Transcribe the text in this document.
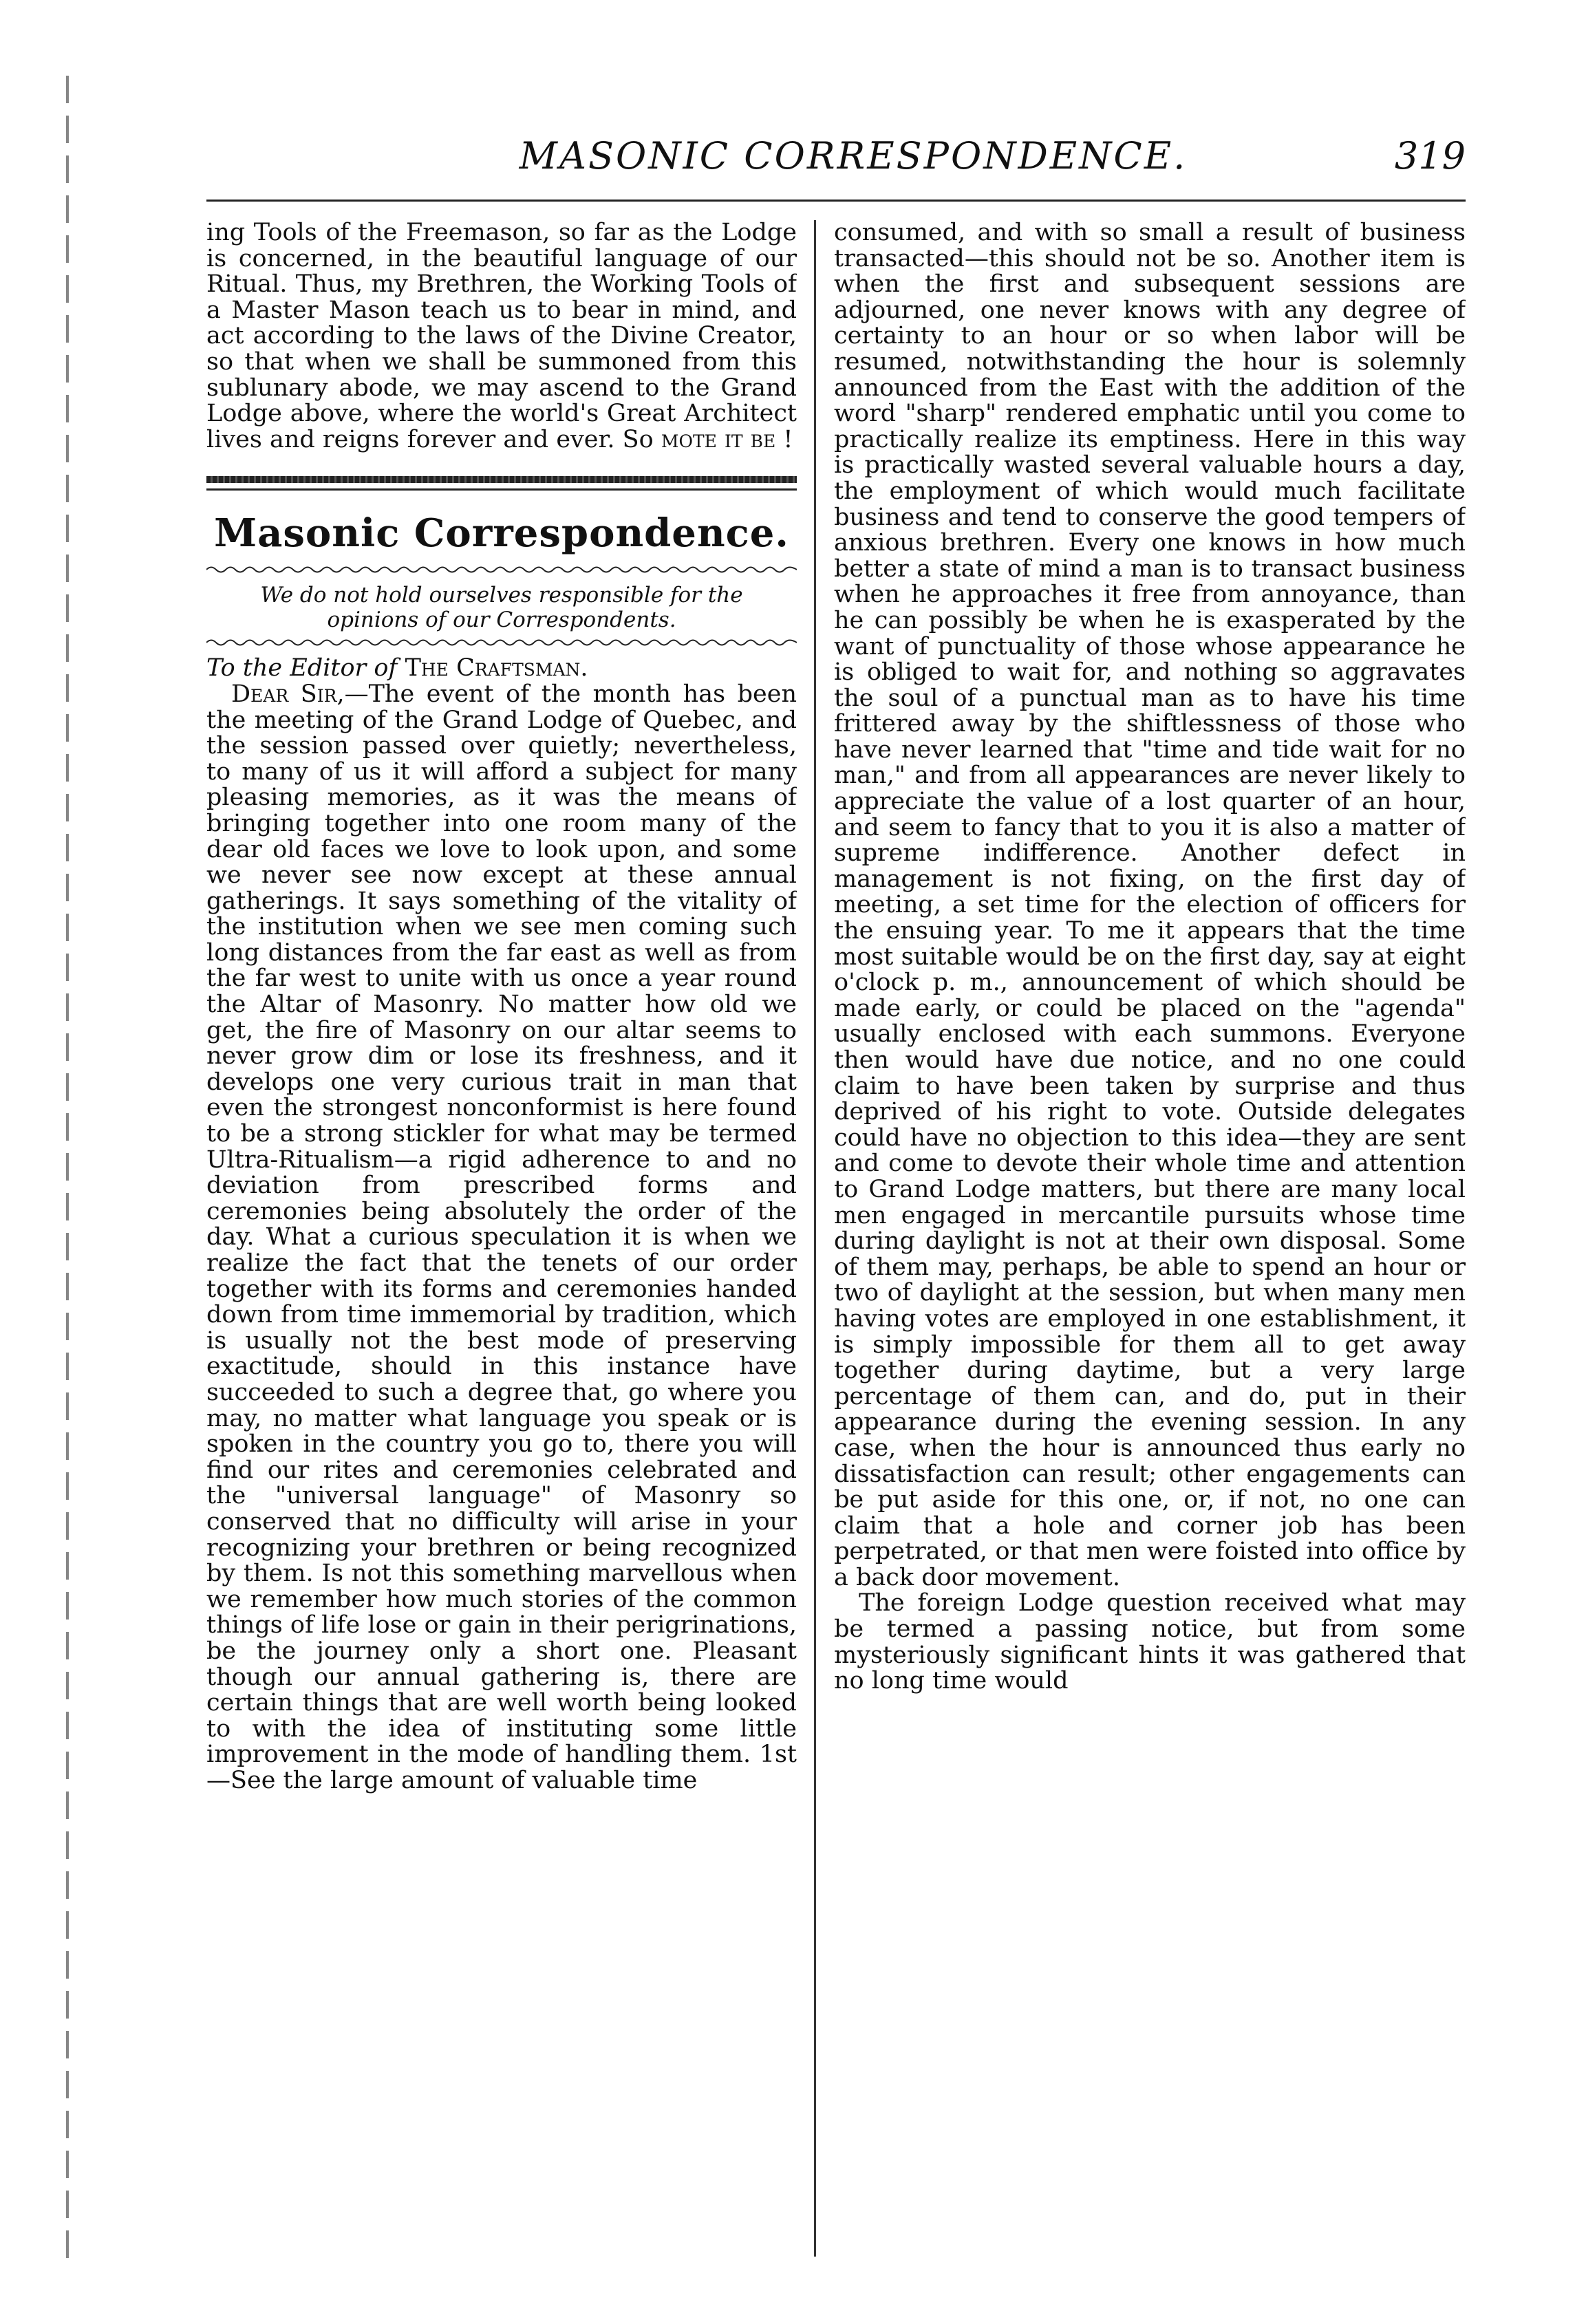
MASONIC CORRESPONDENCE.	319

ing Tools of the Freemason, so far as the Lodge is concerned, in the beautiful language of our Ritual. Thus, my Brethren, the Working Tools of a Master Mason teach us to bear in mind, and act according to the laws of the Divine Creator, so that when we shall be summoned from this sublunary abode, we may ascend to the Grand Lodge above, where the world's Great Architect lives and reigns forever and ever. So mote it be !

Masonic Correspondence.
We do not hold ourselves responsible for the opinions of our Correspondents.

To the Editor of The Craftsman.

Dear Sir,—The event of the month has been the meeting of the Grand Lodge of Quebec, and the session passed over quietly; nevertheless, to many of us it will afford a subject for many pleasing memories, as it was the means of bringing together into one room many of the dear old faces we love to look upon, and some we never see now except at these annual gatherings. It says something of the vitality of the institution when we see men coming such long distances from the far east as well as from the far west to unite with us once a year round the Altar of Masonry. No matter how old we get, the fire of Masonry on our altar seems to never grow dim or lose its freshness, and it develops one very curious trait in man that even the strongest nonconformist is here found to be a strong stickler for what may be termed Ultra-Ritualism—a rigid adherence to and no deviation from prescribed forms and ceremonies being absolutely the order of the day. What a curious speculation it is when we realize the fact that the tenets of our order together with its forms and ceremonies handed down from time immemorial by tradition, which is usually not the best mode of preserving exactitude, should in this instance have succeeded to such a degree that, go where you may, no matter what language you speak or is spoken in the country you go to, there you will find our rites and ceremonies celebrated and the "universal language" of Masonry so conserved that no difficulty will arise in your recognizing your brethren or being recognized by them. Is not this something marvellous when we remember how much stories of the common things of life lose or gain in their perigrinations, be the journey only a short one. Pleasant though our annual gathering is, there are certain things that are well worth being looked to with the idea of instituting some little improvement in the mode of handling them. 1st—See the large amount of valuable time

consumed, and with so small a result of business transacted—this should not be so. Another item is when the first and subsequent sessions are adjourned, one never knows with any degree of certainty to an hour or so when labor will be resumed, notwithstanding the hour is solemnly announced from the East with the addition of the word "sharp" rendered emphatic until you come to practically realize its emptiness. Here in this way is practically wasted several valuable hours a day, the employment of which would much facilitate business and tend to conserve the good tempers of anxious brethren. Every one knows in how much better a state of mind a man is to transact business when he approaches it free from annoyance, than he can possibly be when he is exasperated by the want of punctuality of those whose appearance he is obliged to wait for, and nothing so aggravates the soul of a punctual man as to have his time frittered away by the shiftlessness of those who have never learned that "time and tide wait for no man," and from all appearances are never likely to appreciate the value of a lost quarter of an hour, and seem to fancy that to you it is also a matter of supreme indifference. Another defect in management is not fixing, on the first day of meeting, a set time for the election of officers for the ensuing year. To me it appears that the time most suitable would be on the first day, say at eight o'clock p. m., announcement of which should be made early, or could be placed on the "agenda" usually enclosed with each summons. Everyone then would have due notice, and no one could claim to have been taken by surprise and thus deprived of his right to vote. Outside delegates could have no objection to this idea—they are sent and come to devote their whole time and attention to Grand Lodge matters, but there are many local men engaged in mercantile pursuits whose time during daylight is not at their own disposal. Some of them may, perhaps, be able to spend an hour or two of daylight at the session, but when many men having votes are employed in one establishment, it is simply impossible for them all to get away together during daytime, but a very large percentage of them can, and do, put in their appearance during the evening session. In any case, when the hour is announced thus early no dissatisfaction can result; other engagements can be put aside for this one, or, if not, no one can claim that a hole and corner job has been perpetrated, or that men were foisted into office by a back door movement.

The foreign Lodge question received what may be termed a passing notice, but from some mysteriously significant hints it was gathered that no long time would
